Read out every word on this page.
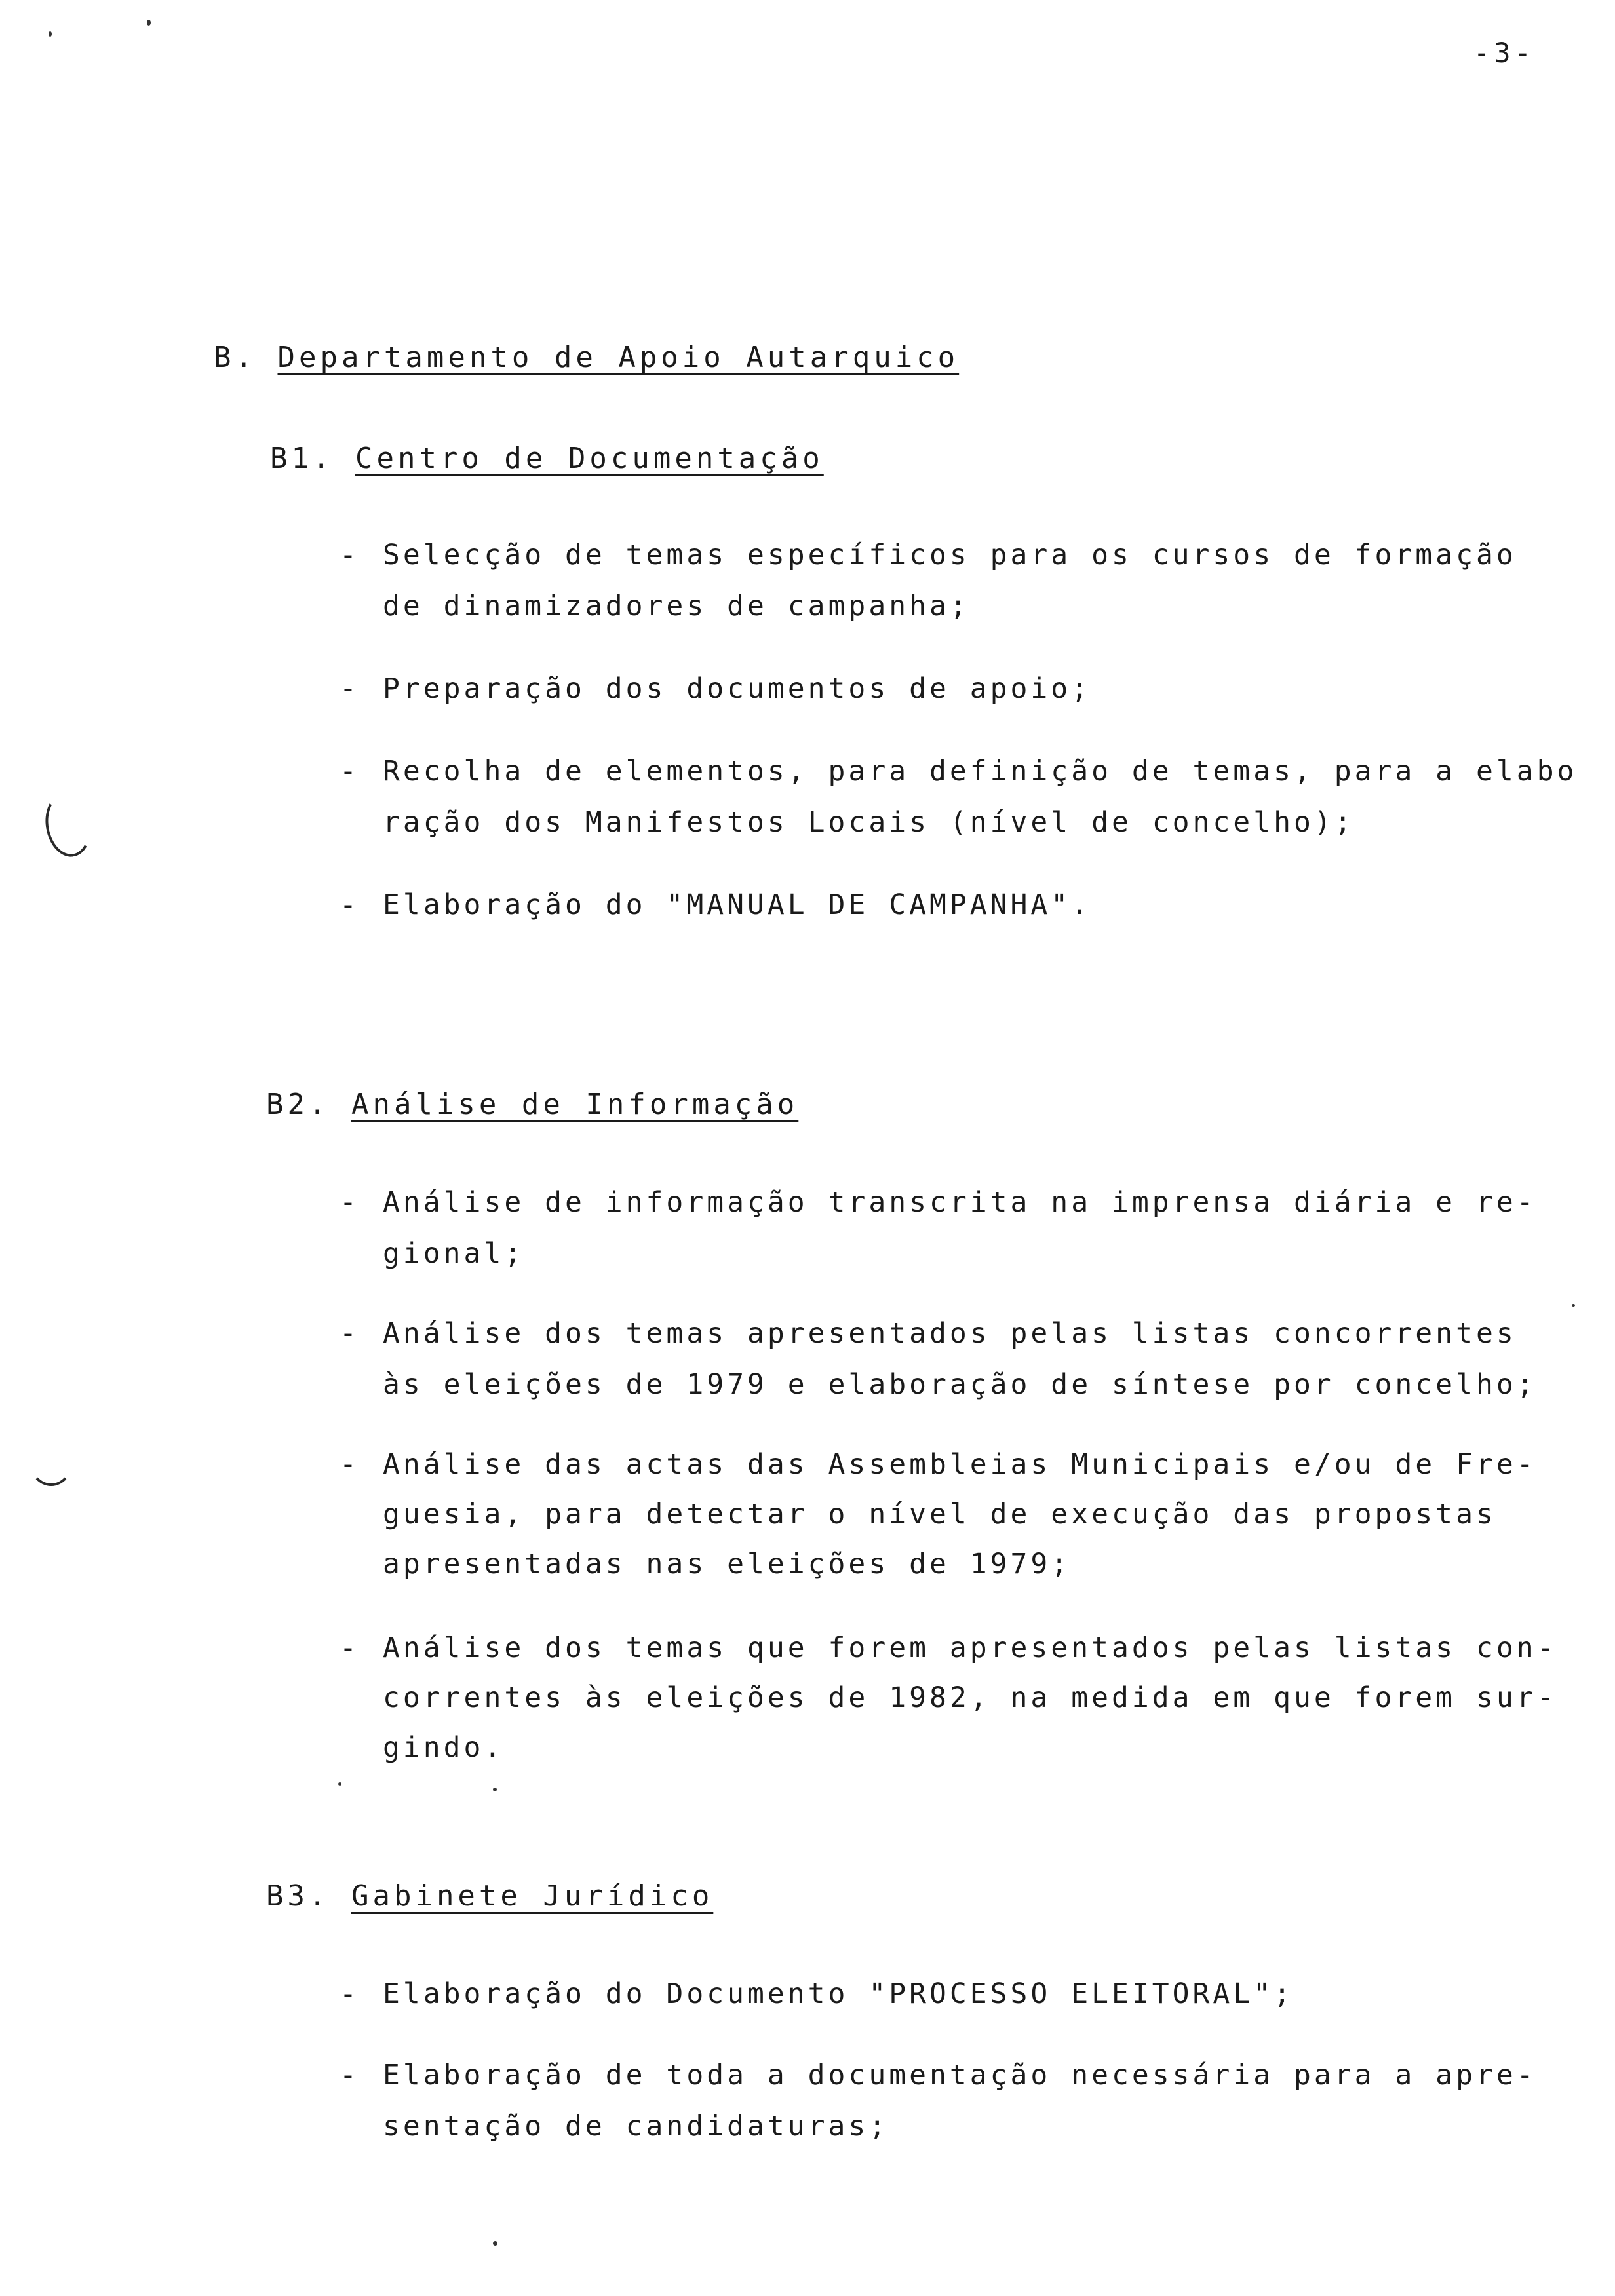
-3-
B. Departamento de Apoio Autarquico
B1. Centro de Documentação
- Selecção de temas específicos para os cursos de formação
de dinamizadores de campanha;
- Preparação dos documentos de apoio;
- Recolha de elementos, para definição de temas, para a elabo
ração dos Manifestos Locais (nível de concelho);
- Elaboração do "MANUAL DE CAMPANHA".
B2. Análise de Informação
- Análise de informação transcrita na imprensa diária e re-
gional;
- Análise dos temas apresentados pelas listas concorrentes
às eleições de 1979 e elaboração de síntese por concelho;
- Análise das actas das Assembleias Municipais e/ou de Fre-
guesia, para detectar o nível de execução das propostas
apresentadas nas eleições de 1979;
- Análise dos temas que forem apresentados pelas listas con-
correntes às eleições de 1982, na medida em que forem sur-
gindo.
B3. Gabinete Jurídico
- Elaboração do Documento "PROCESSO ELEITORAL";
- Elaboração de toda a documentação necessária para a apre-
sentação de candidaturas;
